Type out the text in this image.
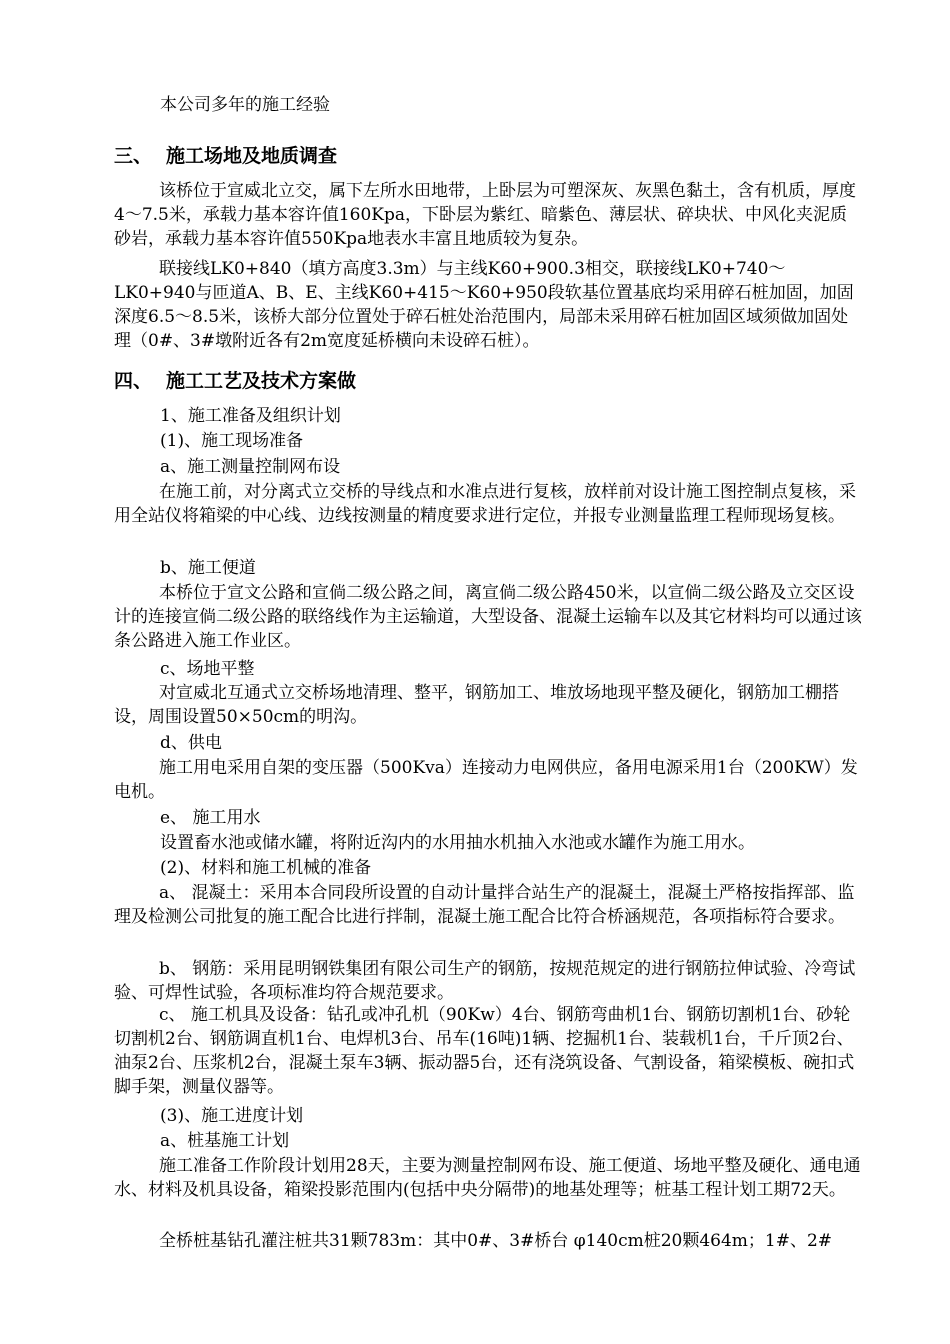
本公司多年的施工经验

三、 施工场地及地质调查

该桥位于宣威北立交，属下左所水田地带，上卧层为可塑深灰、灰黑色黏土，含有机质，厚度4～7.5米，承载力基本容许值160Kpa，下卧层为紫红、暗紫色、薄层状、碎块状、中风化夹泥质砂岩，承载力基本容许值550Kpa地表水丰富且地质较为复杂。

联接线LK0+840（填方高度3.3m）与主线K60+900.3相交，联接线LK0+740～LK0+940与匝道A、B、E、主线K60+415～K60+950段软基位置基底均采用碎石桩加固，加固深度6.5～8.5米，该桥大部分位置处于碎石桩处治范围内，局部未采用碎石桩加固区域须做加固处理（0#、3#墩附近各有2m宽度延桥横向未设碎石桩）。

四、 施工工艺及技术方案做

1、施工准备及组织计划

(1)、施工现场准备

a、施工测量控制网布设

在施工前，对分离式立交桥的导线点和水准点进行复核，放样前对设计施工图控制点复核，采用全站仪将箱梁的中心线、边线按测量的精度要求进行定位，并报专业测量监理工程师现场复核。

b、施工便道

本桥位于宣文公路和宣倘二级公路之间，离宣倘二级公路450米，以宣倘二级公路及立交区设计的连接宣倘二级公路的联络线作为主运输道，大型设备、混凝土运输车以及其它材料均可以通过该条公路进入施工作业区。

c、场地平整

对宣威北互通式立交桥场地清理、整平，钢筋加工、堆放场地现平整及硬化，钢筋加工棚搭设，周围设置50×50cm的明沟。

d、供电

施工用电采用自架的变压器（500Kva）连接动力电网供应，备用电源采用1台（200KW）发电机。

e、 施工用水

设置畜水池或储水罐，将附近沟内的水用抽水机抽入水池或水罐作为施工用水。

(2)、材料和施工机械的准备

a、 混凝土：采用本合同段所设置的自动计量拌合站生产的混凝土，混凝土严格按指挥部、监理及检测公司批复的施工配合比进行拌制，混凝土施工配合比符合桥涵规范，各项指标符合要求。

b、 钢筋：采用昆明钢铁集团有限公司生产的钢筋，按规范规定的进行钢筋拉伸试验、冷弯试验、可焊性试验，各项标准均符合规范要求。

c、 施工机具及设备：钻孔或冲孔机（90Kw）4台、钢筋弯曲机1台、钢筋切割机1台、砂轮切割机2台、钢筋调直机1台、电焊机3台、吊车(16吨)1辆、挖掘机1台、装载机1台，千斤顶2台、油泵2台、压浆机2台，混凝土泵车3辆、振动器5台，还有浇筑设备、气割设备，箱梁模板、碗扣式脚手架，测量仪器等。

(3)、施工进度计划

a、桩基施工计划

施工准备工作阶段计划用28天，主要为测量控制网布设、施工便道、场地平整及硬化、通电通水、材料及机具设备，箱梁投影范围内(包括中央分隔带)的地基处理等；桩基工程计划工期72天。

全桥桩基钻孔灌注桩共31颗783m：其中0#、3#桥台 φ140cm桩20颗464m；1#、2#
